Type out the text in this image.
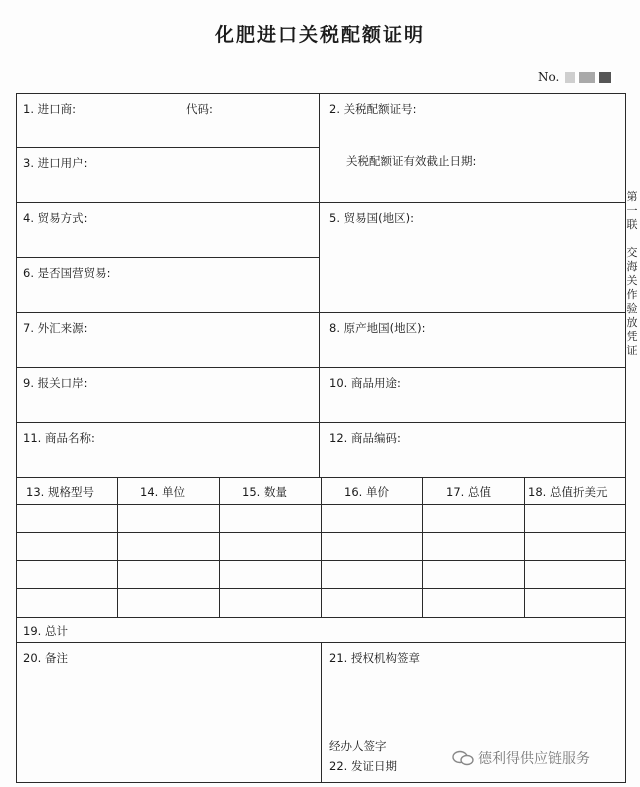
化肥进口关税配额证明
No.
1. 进口商:	代码:	2. 关税配额证号:
关税配额证有效截止日期:
3. 进口用户:
4. 贸易方式:	5. 贸易国(地区):
6. 是否国营贸易:
7. 外汇来源:	8. 原产地国(地区):
9. 报关口岸:	10. 商品用途:
11. 商品名称:	12. 商品编码:
13. 规格型号	14. 单位	15. 数量	16. 单价	17. 总值	18. 总值折美元
19. 总计
20. 备注	21. 授权机构签章
经办人签字
22. 发证日期
第
一
联

交
海
关
作
验
放
凭
证
德利得供应链服务
